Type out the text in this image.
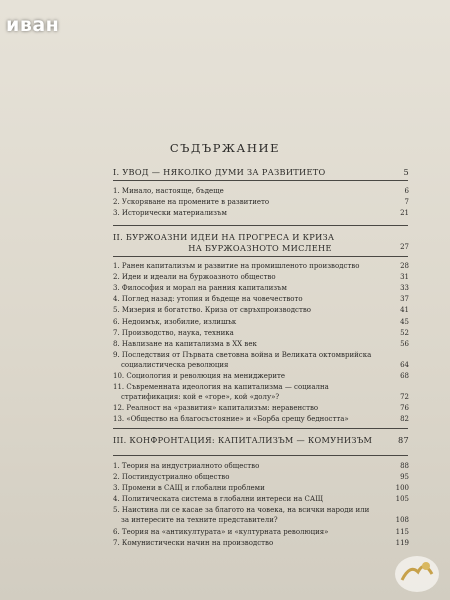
иван
СЪДЪРЖАНИЕ
I. УВОД — НЯКОЛКО ДУМИ ЗА РАЗВИТИЕТО	5
1. Минало, настояще, бъдеще	6
2. Ускоряване на промените в развитието	7
3. Исторически материализъм	21
II. БУРЖОАЗНИ ИДЕИ НА ПРОГРЕСА И КРИЗА
НА БУРЖОАЗНОТО МИСЛЕНЕ	27
1. Ранен капитализъм и развитие на промишленото производство	28
2. Идеи и идеали на буржоазното общество	31
3. Философия и морал на ранния капитализъм	33
4. Поглед назад: утопия и бъдеще на човечеството	37
5. Мизерия и богатство. Криза от свръхпроизводство	41
6. Недоимък, изобилие, излишък	45
7. Производство, наука, техника	52
8. Навлизане на капитализма в XX век	56
9. Последствия от Първата световна война и Великата октомврийска
социалистическа революция	64
10. Социология и революция на мениджерите	68
11. Съвременната идеология на капитализма — социална
стратификация: кой е «горе», кой «долу»?	72
12. Реалност на «развития» капитализъм: неравенство	76
13. «Общество на благосъстояние» и «Борба срещу бедността»	82
III. КОНФРОНТАЦИЯ: КАПИТАЛИЗЪМ — КОМУНИЗЪМ	87
1. Теория на индустриалното общество	88
2. Постиндустриално общество	95
3. Промени в САЩ и глобални проблеми	100
4. Политическата система в глобални интереси на САЩ	105
5. Наистина ли се касае за благото на човека, на всички народи или
за интересите на техните представители?	108
6. Теория на «антикултурата» и «културната революция»	115
7. Комунистически начин на производство	119
